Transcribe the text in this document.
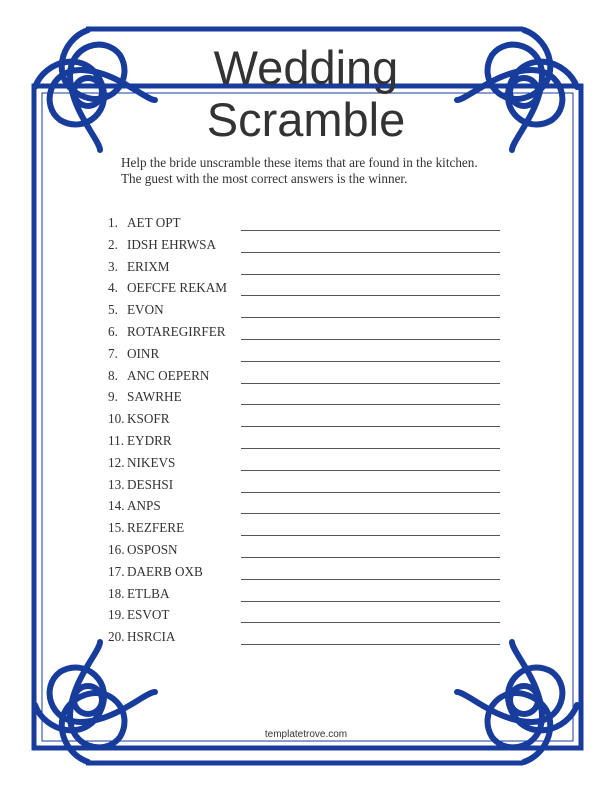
Wedding
Scramble
Help the bride unscramble these items that are found in the kitchen. The guest with the most correct answers is the winner.
1. AET OPT
2. IDSH EHRWSA
3. ERIXM
4. OEFCFE REKAM
5. EVON
6. ROTAREGIRFER
7. OINR
8. ANC OEPERN
9. SAWRHE
10. KSOFR
11. EYDRR
12. NIKEVS
13. DESHSI
14. ANPS
15. REZFERE
16. OSPOSN
17. DAERB OXB
18. ETLBA
19. ESVOT
20. HSRCIA
templatetrove.com
